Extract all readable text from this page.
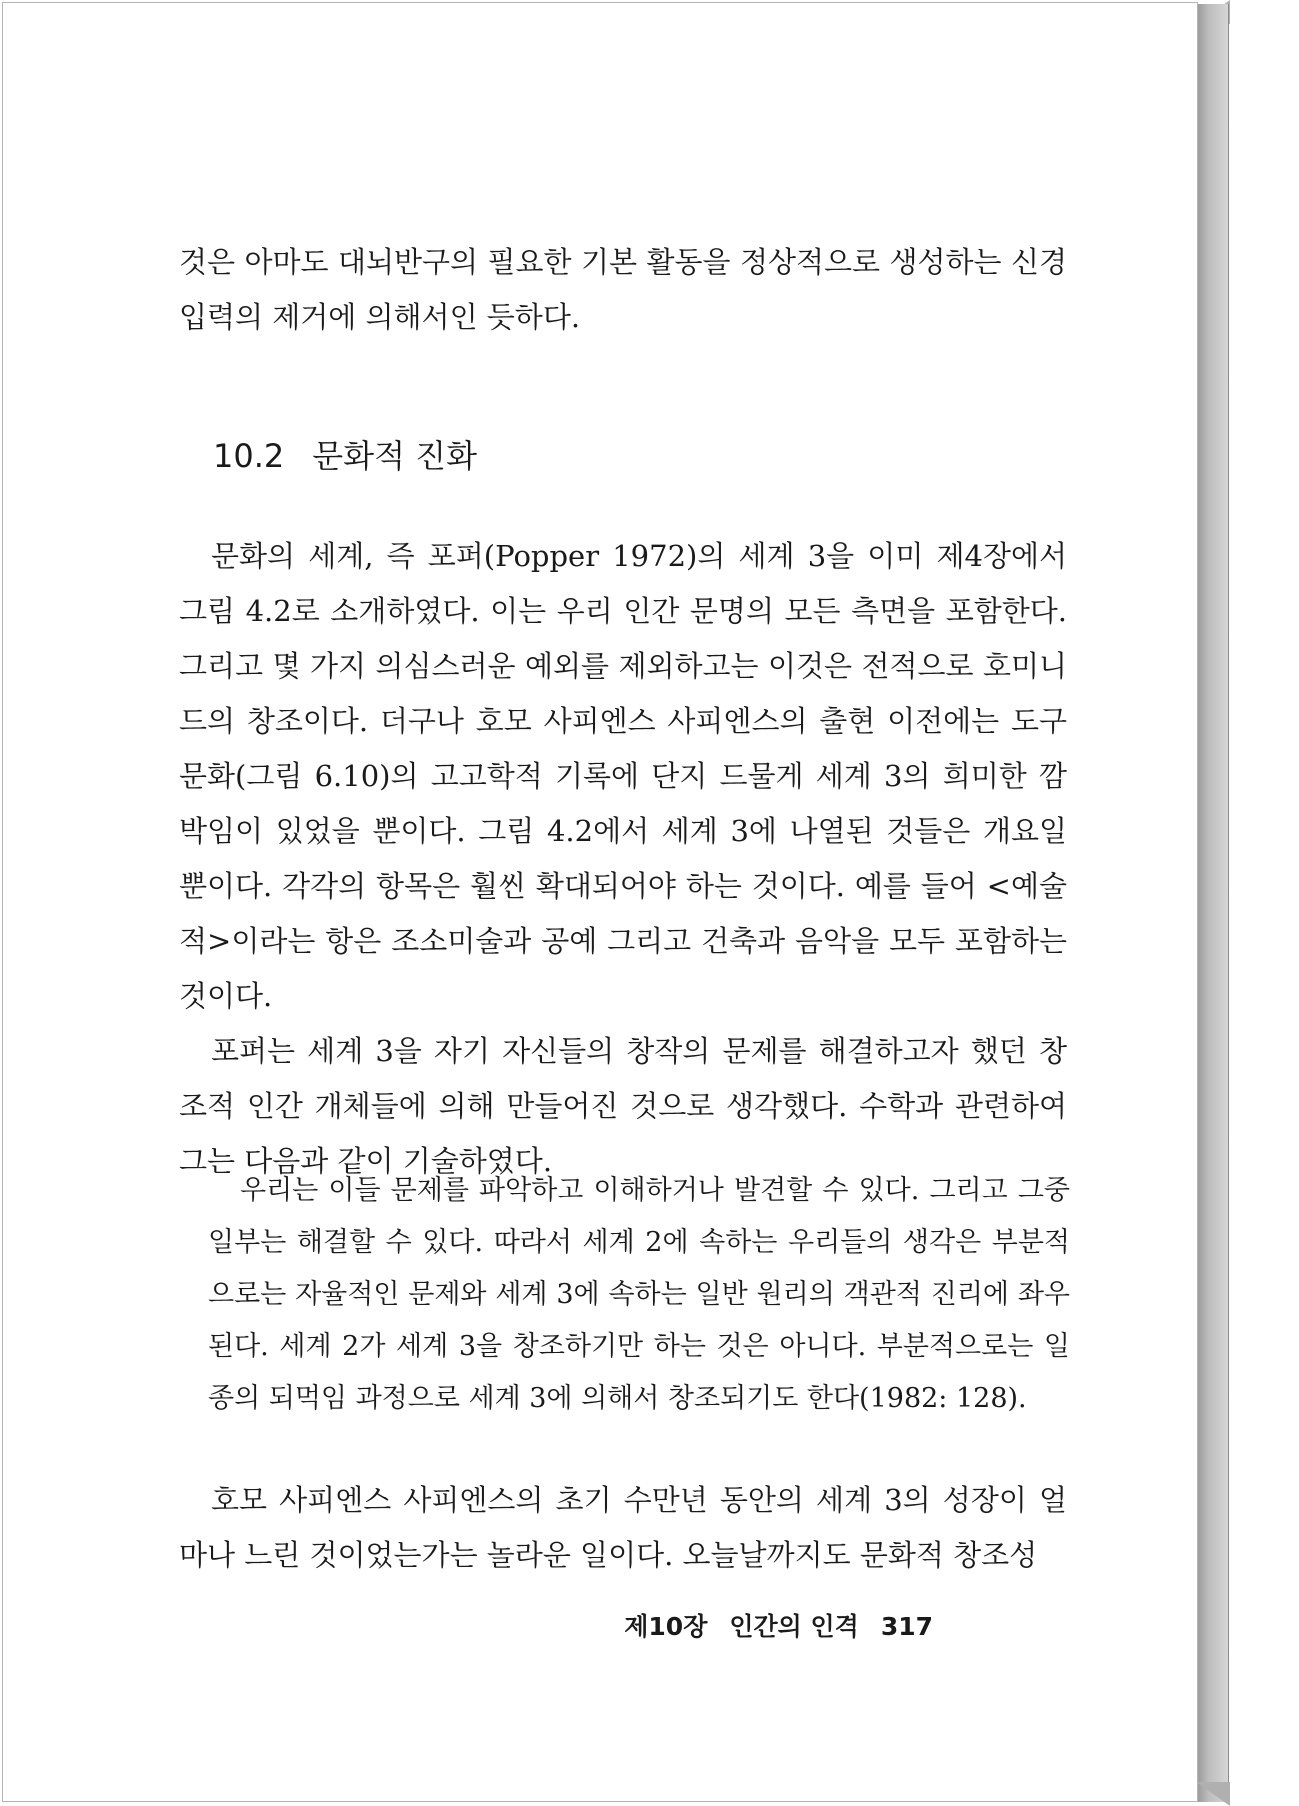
것은 아마도 대뇌반구의 필요한 기본 활동을 정상적으로 생성하는 신경 입력의 제거에 의해서인 듯하다.

10.2 문화적 진화

문화의 세계, 즉 포퍼(Popper 1972)의 세계 3을 이미 제4장에서 그림 4.2로 소개하였다. 이는 우리 인간 문명의 모든 측면을 포함한다. 그리고 몇 가지 의심스러운 예외를 제외하고는 이것은 전적으로 호미니드의 창조이다. 더구나 호모 사피엔스 사피엔스의 출현 이전에는 도구문화(그림 6.10)의 고고학적 기록에 단지 드물게 세계 3의 희미한 깜박임이 있었을 뿐이다. 그림 4.2에서 세계 3에 나열된 것들은 개요일 뿐이다. 각각의 항목은 훨씬 확대되어야 하는 것이다. 예를 들어 <예술적>이라는 항은 조소미술과 공예 그리고 건축과 음악을 모두 포함하는 것이다.

포퍼는 세계 3을 자기 자신들의 창작의 문제를 해결하고자 했던 창조적 인간 개체들에 의해 만들어진 것으로 생각했다. 수학과 관련하여 그는 다음과 같이 기술하였다.

우리는 이들 문제를 파악하고 이해하거나 발견할 수 있다. 그리고 그중 일부는 해결할 수 있다. 따라서 세계 2에 속하는 우리들의 생각은 부분적으로는 자율적인 문제와 세계 3에 속하는 일반 원리의 객관적 진리에 좌우된다. 세계 2가 세계 3을 창조하기만 하는 것은 아니다. 부분적으로는 일종의 되먹임 과정으로 세계 3에 의해서 창조되기도 한다(1982: 128).

호모 사피엔스 사피엔스의 초기 수만년 동안의 세계 3의 성장이 얼마나 느린 것이었는가는 놀라운 일이다. 오늘날까지도 문화적 창조성

제10장 인간의 인격 317
